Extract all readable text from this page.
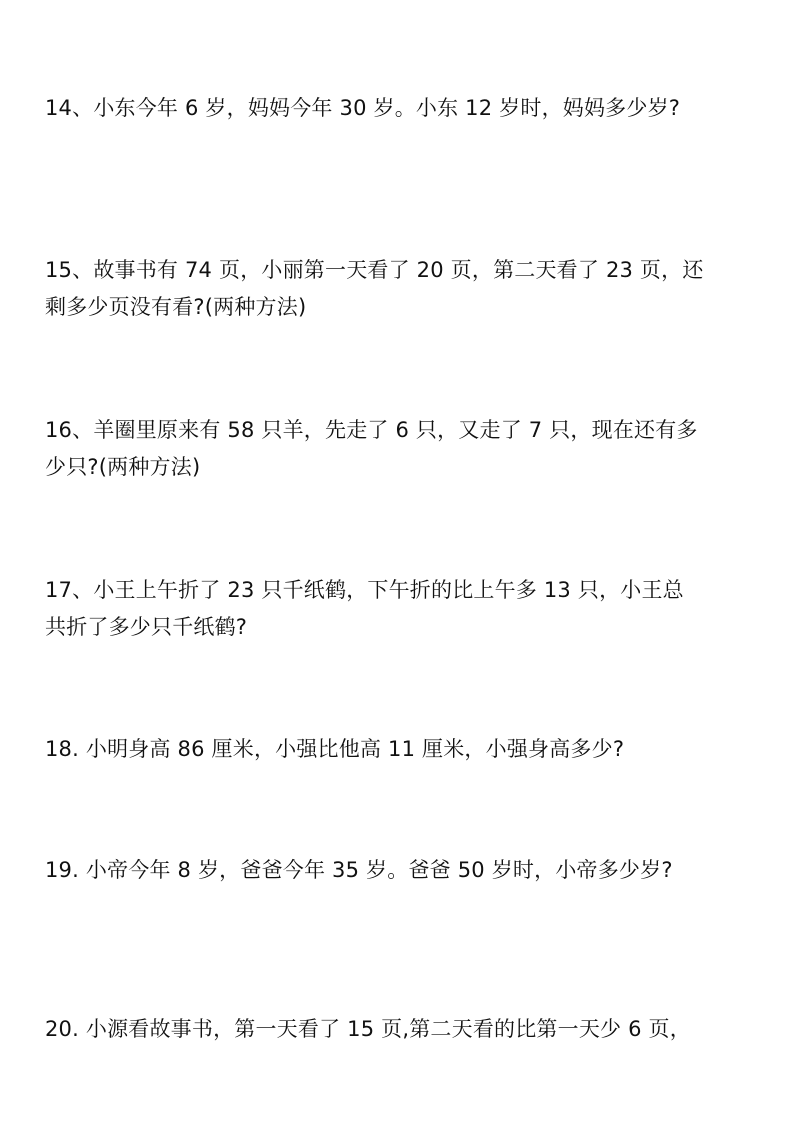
14、小东今年 6 岁，妈妈今年 30 岁。小东 12 岁时，妈妈多少岁?

15、故事书有 74 页，小丽第一天看了 20 页，第二天看了 23 页，还
剩多少页没有看?(两种方法)

16、羊圈里原来有 58 只羊，先走了 6 只，又走了 7 只，现在还有多
少只?(两种方法)

17、小王上午折了 23 只千纸鹤，下午折的比上午多 13 只，小王总
共折了多少只千纸鹤?

18. 小明身高 86 厘米，小强比他高 11 厘米，小强身高多少?

19. 小帝今年 8 岁，爸爸今年 35 岁。爸爸 50 岁时，小帝多少岁?

20. 小源看故事书，第一天看了 15 页,第二天看的比第一天少 6 页，
